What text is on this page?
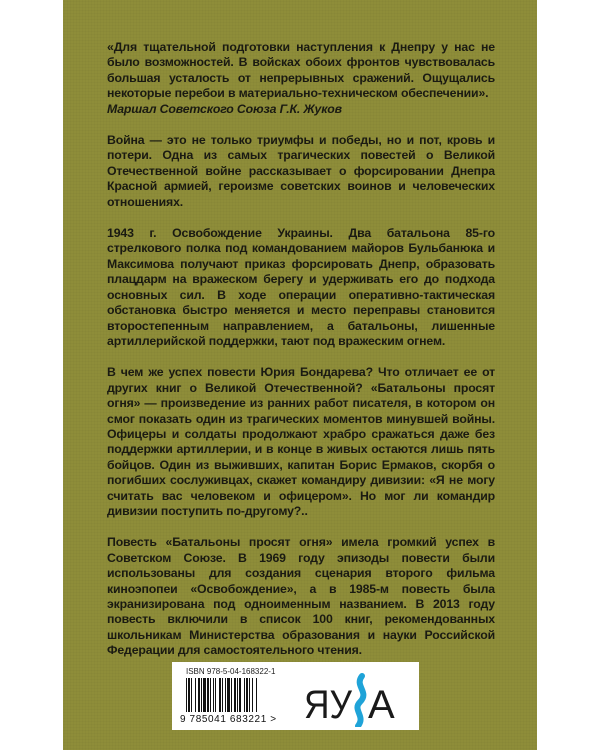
«Для тщательной подготовки наступления к Днепру у нас не было возможностей. В войсках обоих фронтов чувствовалась большая усталость от непрерывных сражений. Ощущались некоторые перебои в материально-техническом обеспечении».

Маршал Советского Союза Г.К. Жуков

Война — это не только триумфы и победы, но и пот, кровь и потери. Одна из самых трагических повестей о Великой Отечественной войне рассказывает о форсировании Днепра Красной армией, героизме советских воинов и человеческих отношениях.

1943 г. Освобождение Украины. Два батальона 85-го стрелкового полка под командованием майоров Бульбанюка и Максимова получают приказ форсировать Днепр, образовать плацдарм на вражеском берегу и удерживать его до подхода основных сил. В ходе операции оперативно-тактическая обстановка быстро меняется и место переправы становится второстепенным направлением, а батальоны, лишенные артиллерийской поддержки, тают под вражеским огнем.

В чем же успех повести Юрия Бондарева? Что отличает ее от других книг о Великой Отечественной? «Батальоны просят огня» — произведение из ранних работ писателя, в котором он смог показать один из трагических моментов минувшей войны. Офицеры и солдаты продолжают храбро сражаться даже без поддержки артиллерии, и в конце в живых остаются лишь пять бойцов. Один из выживших, капитан Борис Ермаков, скорбя о погибших сослуживцах, скажет командиру дивизии: «Я не могу считать вас человеком и офицером». Но мог ли командир дивизии поступить по-другому?..

Повесть «Батальоны просят огня» имела громкий успех в Советском Союзе. В 1969 году эпизоды повести были использованы для создания сценария второго фильма киноэпопеи «Освобождение», а в 1985-м повесть была экранизирована под одноименным названием. В 2013 году повесть включили в список 100 книг, рекомендованных школьникам Министерства образования и науки Российской Федерации для самостоятельного чтения.

ISBN 978-5-04-168322-1
9 785041 683221 > ЯУ А
